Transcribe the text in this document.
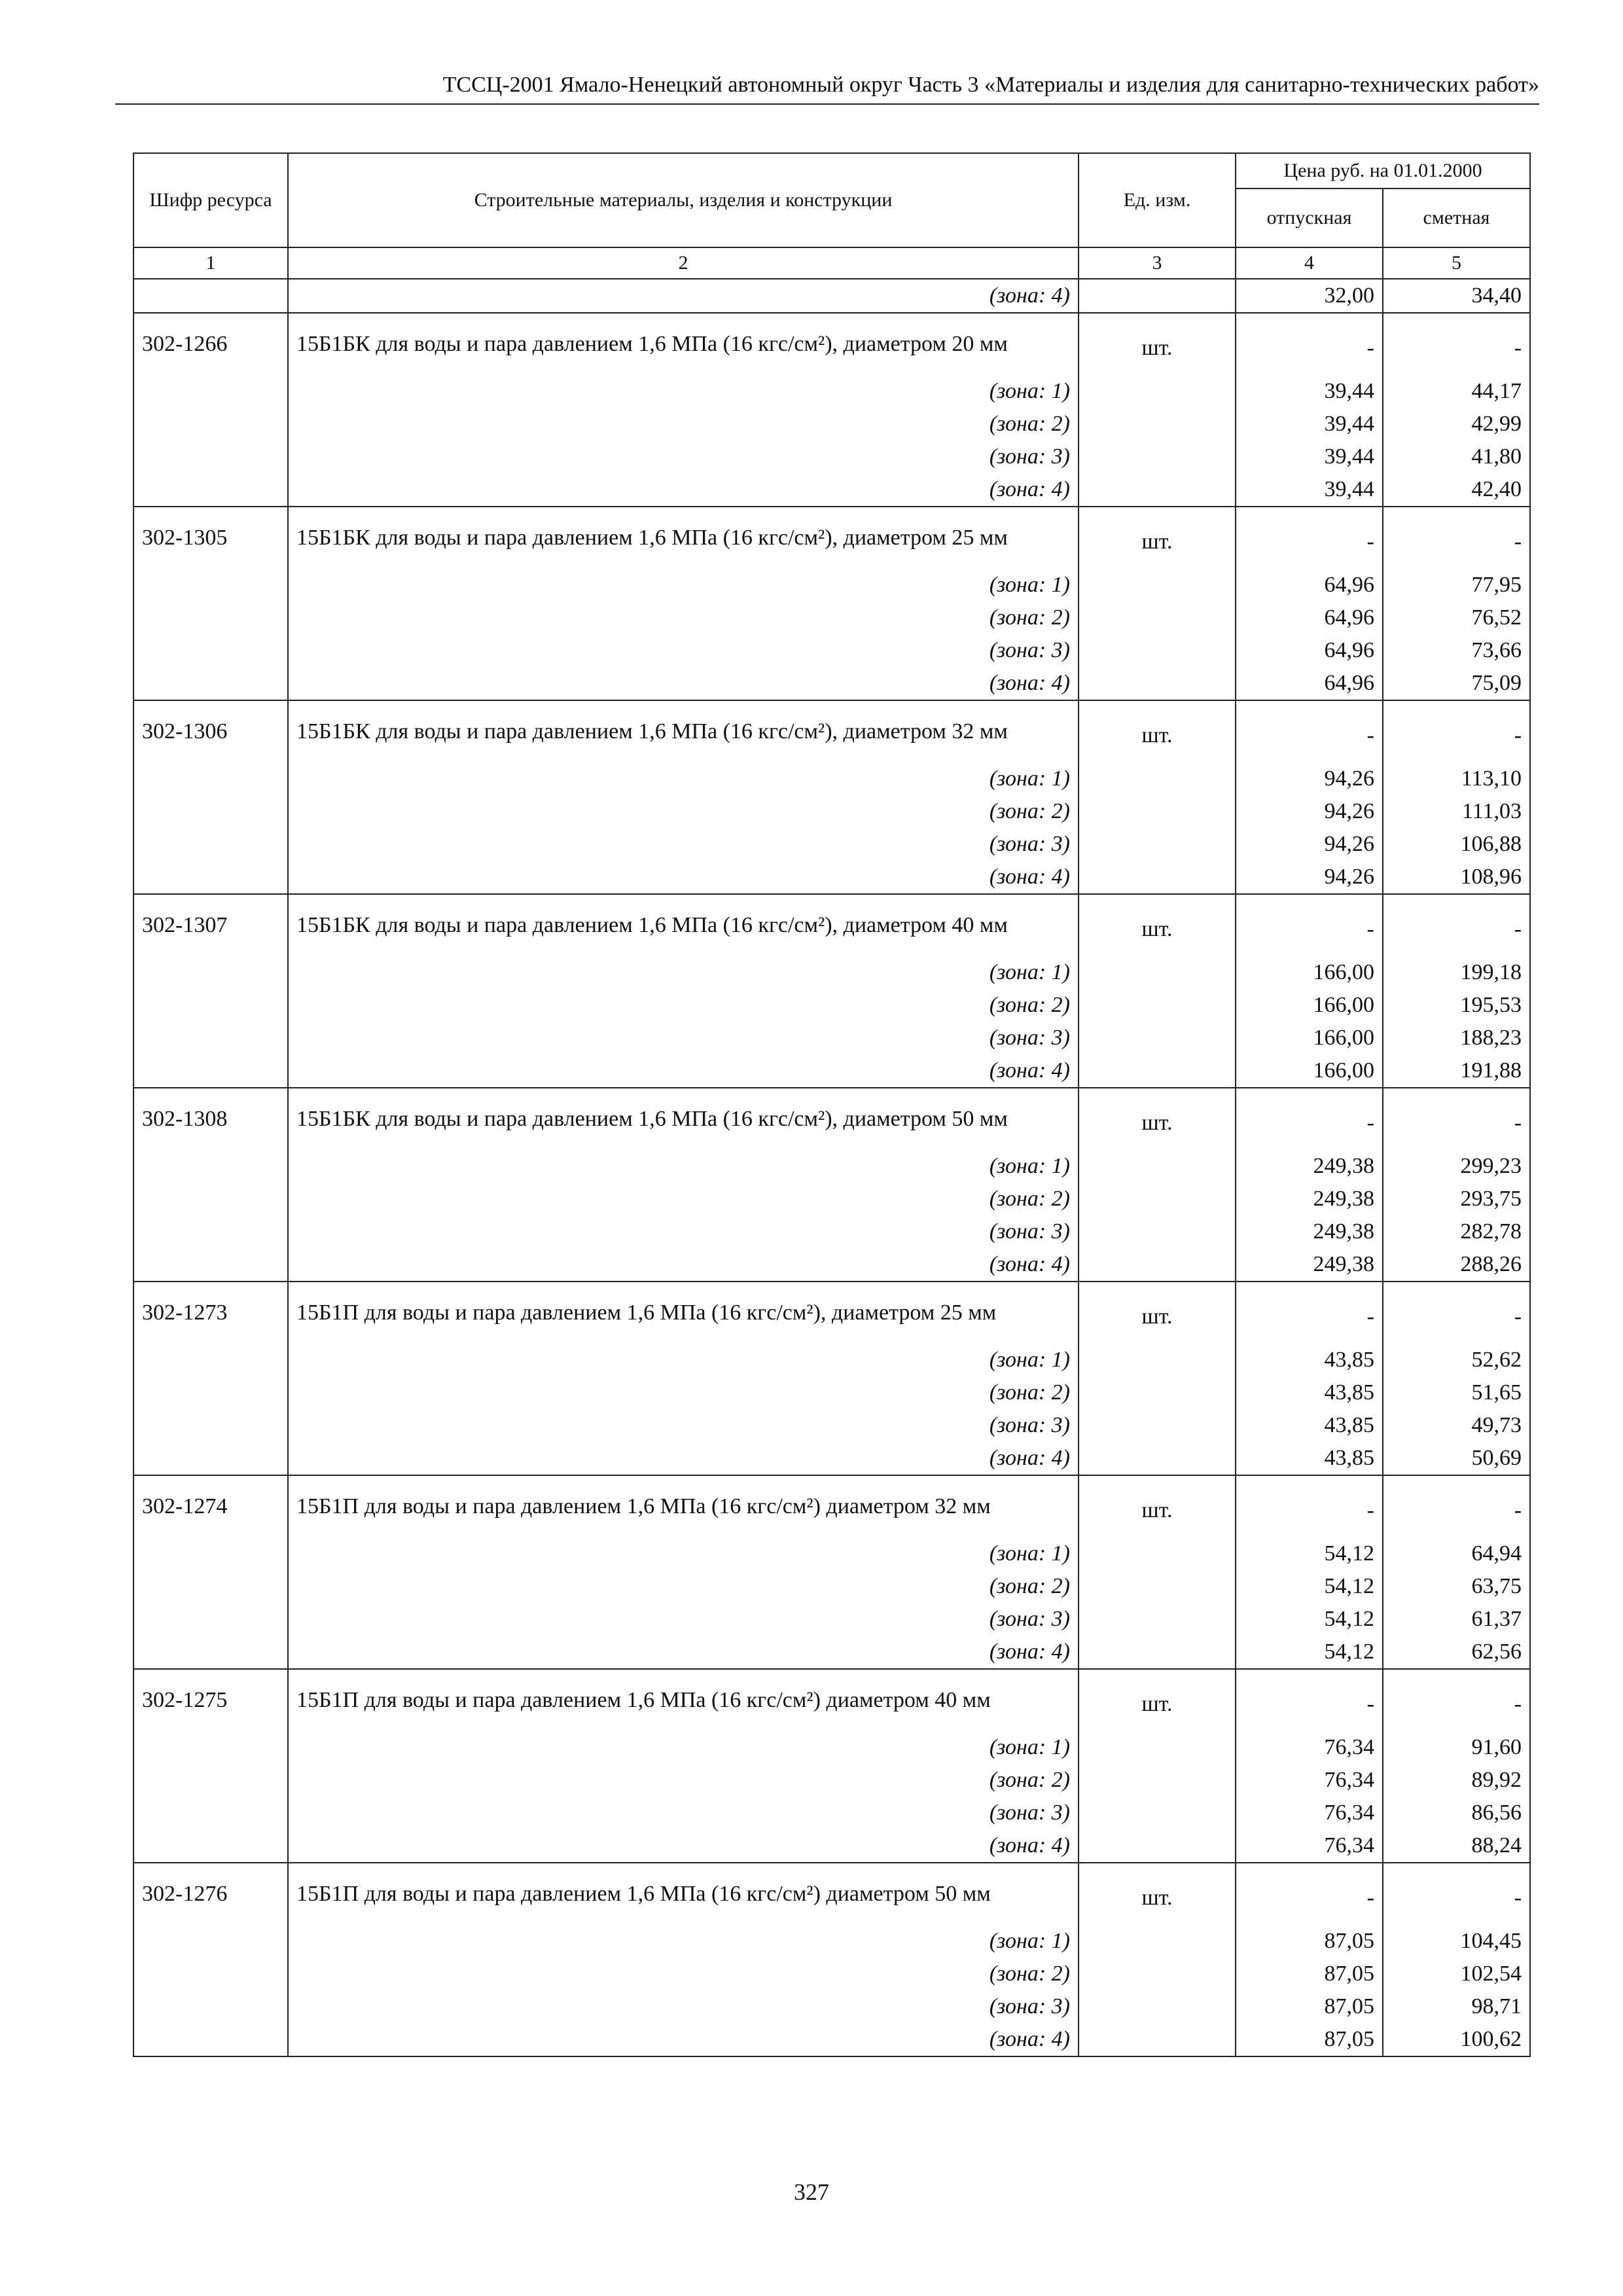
ТССЦ-2001 Ямало-Ненецкий автономный округ Часть 3 «Материалы и изделия для санитарно-технических работ»
Шифр ресурса	Строительные материалы, изделия и конструкции	Ед. изм.	Цена руб. на 01.01.2000	
			отпускная	сметная
1	2	3	4	5
	(зона: 4)		32,00	34,40
302-1266	15Б1БК для воды и пара давлением 1,6 МПа (16 кгс/см²), диаметром 20 мм	шт.	-	-
	(зона: 1)		39,44	44,17
	(зона: 2)		39,44	42,99
	(зона: 3)		39,44	41,80
	(зона: 4)		39,44	42,40
302-1305	15Б1БК для воды и пара давлением 1,6 МПа (16 кгс/см²), диаметром 25 мм	шт.	-	-
	(зона: 1)		64,96	77,95
	(зона: 2)		64,96	76,52
	(зона: 3)		64,96	73,66
	(зона: 4)		64,96	75,09
302-1306	15Б1БК для воды и пара давлением 1,6 МПа (16 кгс/см²), диаметром 32 мм	шт.	-	-
	(зона: 1)		94,26	113,10
	(зона: 2)		94,26	111,03
	(зона: 3)		94,26	106,88
	(зона: 4)		94,26	108,96
302-1307	15Б1БК для воды и пара давлением 1,6 МПа (16 кгс/см²), диаметром 40 мм	шт.	-	-
	(зона: 1)		166,00	199,18
	(зона: 2)		166,00	195,53
	(зона: 3)		166,00	188,23
	(зона: 4)		166,00	191,88
302-1308	15Б1БК для воды и пара давлением 1,6 МПа (16 кгс/см²), диаметром 50 мм	шт.	-	-
	(зона: 1)		249,38	299,23
	(зона: 2)		249,38	293,75
	(зона: 3)		249,38	282,78
	(зона: 4)		249,38	288,26
302-1273	15Б1П для воды и пара давлением 1,6 МПа (16 кгс/см²), диаметром 25 мм	шт.	-	-
	(зона: 1)		43,85	52,62
	(зона: 2)		43,85	51,65
	(зона: 3)		43,85	49,73
	(зона: 4)		43,85	50,69
302-1274	15Б1П для воды и пара давлением 1,6 МПа (16 кгс/см²) диаметром 32 мм	шт.	-	-
	(зона: 1)		54,12	64,94
	(зона: 2)		54,12	63,75
	(зона: 3)		54,12	61,37
	(зона: 4)		54,12	62,56
302-1275	15Б1П для воды и пара давлением 1,6 МПа (16 кгс/см²) диаметром 40 мм	шт.	-	-
	(зона: 1)		76,34	91,60
	(зона: 2)		76,34	89,92
	(зона: 3)		76,34	86,56
	(зона: 4)		76,34	88,24
302-1276	15Б1П для воды и пара давлением 1,6 МПа (16 кгс/см²) диаметром 50 мм	шт.	-	-
	(зона: 1)		87,05	104,45
	(зона: 2)		87,05	102,54
	(зона: 3)		87,05	98,71
	(зона: 4)		87,05	100,62
327
